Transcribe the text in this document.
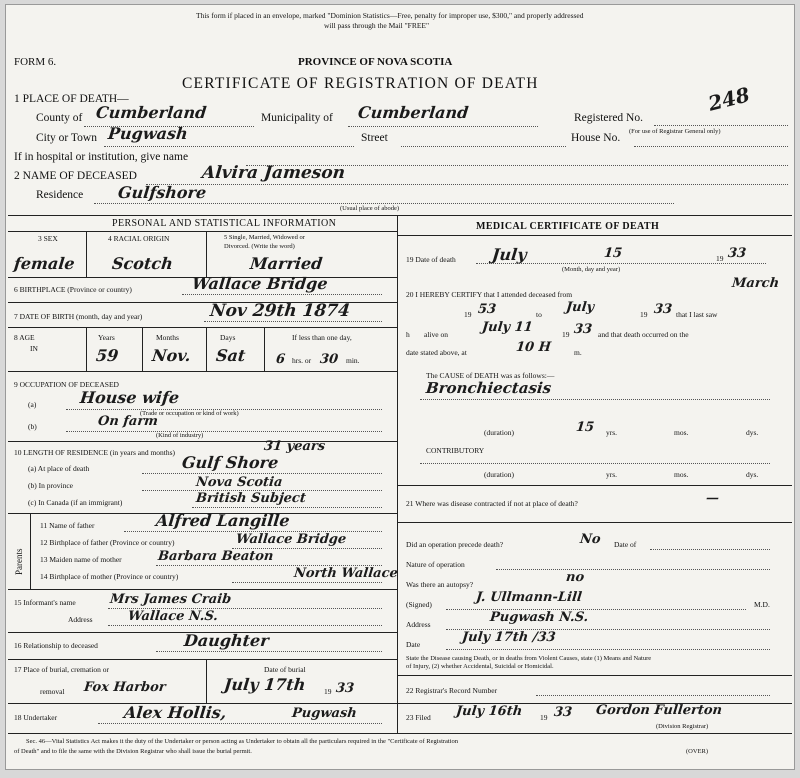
This form if placed in an envelope, marked "Dominion Statistics—Free, penalty for improper use, $300," and properly addressed
will pass through the Mail "FREE"
FORM 6.	PROVINCE OF NOVA SCOTIA
CERTIFICATE OF REGISTRATION OF DEATH
1 PLACE OF DEATH—
County of Cumberland	Municipality of Cumberland	Registered No.
248
(For use of Registrar General only)
City or Town Pugwash	Street	House No.
If in hospital or institution, give name
2 NAME OF DECEASED	Alvira Jameson
Residence Gulfshore
(Usual place of abode)
PERSONAL AND STATISTICAL INFORMATION
3 SEX
female
4 RACIAL ORIGIN
Scotch
5 Single, Married, Widowed or
Divorced. (Write the word)
Married
6 BIRTHPLACE (Province or country)	Wallace Bridge
7 DATE OF BIRTH (month, day and year)	Nov 29th 1874
8 AGE
IN
Years
59
Months
Nov.
Days
Sat
If less than one day,
6 hrs. or 30 min.
9 OCCUPATION OF DECEASED
(a)	House wife
(Trade or occupation or kind of work)
(b)	On farm
(Kind of industry)
10 LENGTH OF RESIDENCE (in years and months)	31 years
(a) At place of death	Gulf Shore
(b) In province	Nova Scotia
(c) In Canada (if an immigrant)	British Subject
Parents
11 Name of father	Alfred Langille
12 Birthplace of father (Province or country)	Wallace Bridge
13 Maiden name of mother	Barbara Beaton
14 Birthplace of mother (Province or country)	North Wallace
15 Informant's name	Mrs James Craib
Address	Wallace N.S.
16 Relationship to deceased	Daughter
17 Place of burial, cremation or	Date of burial
removal Fox Harbor	July 17th 19 33
18 Undertaker	Alex Hollis,	Pugwash
MEDICAL CERTIFICATE OF DEATH
19 Date of death July	15	19 33
(Month, day and year)
20 I HEREBY CERTIFY that I attended deceased from
March
19 53	to July	19 33 that I last saw
h alive on	July 11	19 33 and that death occurred on the
date stated above, at	10 H	m.
The CAUSE of DEATH was as follows:—
Bronchiectasis
(duration)	15 yrs.	mos.	dys.
CONTRIBUTORY
(duration)	yrs.	mos.	dys.
21 Where was disease contracted if not at place of death?	—
Did an operation precede death?	No Date of
Nature of operation
Was there an autopsy?	no
(Signed)	J. Ullmann-Lill	M.D.
Address	Pugwash N.S.
Date	July 17th /33
State the Disease causing Death, or in deaths from Violent Causes, state (1) Means and Nature
of Injury, (2) whether Accidental, Suicidal or Homicidal.
22 Registrar's Record Number
23 Filed July 16th 19 33 Gordon Fullerton
(Division Registrar)
Sec. 46—Vital Statistics Act makes it the duty of the Undertaker or person acting as Undertaker to obtain all the particulars required in the "Certificate of Registration
of Death" and to file the same with the Division Registrar who shall issue the burial permit.	(OVER)
